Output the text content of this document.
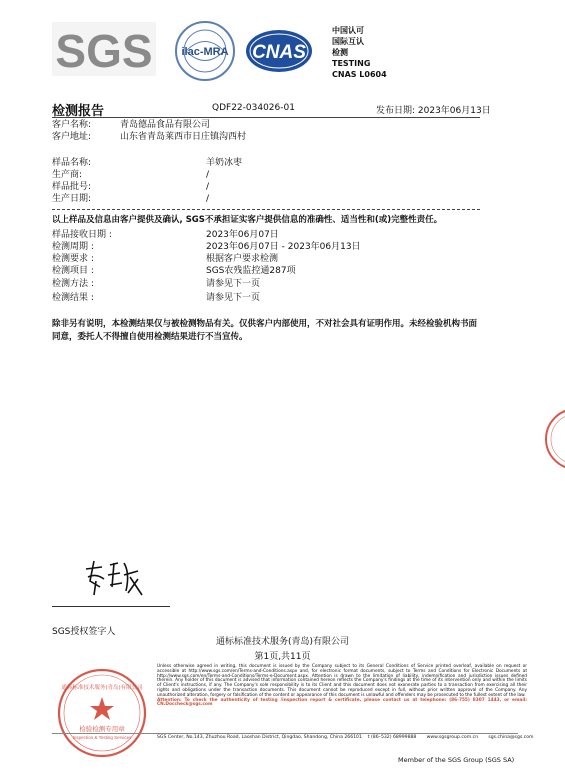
SGS	ilac-MRA CNAS
中国认可
国际互认
检测
TESTING
CNAS L0604
检测报告	QDF22-034026-01	发布日期: 2023年06月13日
客户名称:	青岛德品食品有限公司
客户地址:	山东省青岛莱西市日庄镇沟西村
样品名称:	羊奶冰枣
生产商:	/
样品批号:	/
生产日期:	/
以上样品及信息由客户提供及确认, SGS不承担证实客户提供信息的准确性、适当性和(或)完整性责任。
样品接收日期 :	2023年06月07日
检测周期 :	2023年06月07日 - 2023年06月13日
检测要求 :	根据客户要求检测
检测项目 :	SGS农残监控通287项
检测方法 :	请参见下一页
检测结果 :	请参见下一页
除非另有说明，本检测结果仅与被检测物品有关。仅供客户内部使用，不对社会具有证明作用。未经检验机构书面同意，委托人不得擅自使用检测结果进行不当宣传。
SGS授权签字人
通标标准技术服务(青岛)有限公司
第1页,共11页
通标标准技术服务(青岛)有限公司
检验检测专用章
Inspection & Testing Services
Unless otherwise agreed in writing, this document is issued by the Company subject to its General Conditions of Service printed overleaf, available on request or accessible at http://www.sgs.com/en/Terms-and-Conditions.aspx and, for electronic format documents, subject to Terms and Conditions for Electronic Documents at http://www.sgs.com/en/Terms-and-Conditions/Terms-e-Document.aspx. Attention is drawn to the limitation of liability, indemnification and jurisdiction issues defined therein. Any holder of this document is advised that information contained hereon reflects the Company's findings at the time of its intervention only and within the limits of Client's instructions, if any. The Company's sole responsibility is to its Client and this document does not exonerate parties to a transaction from exercising all their rights and obligations under the transaction documents. This document cannot be reproduced except in full, without prior written approval of the Company. Any unauthorized alteration, forgery or falsification of the content or appearance of this document is unlawful and offenders may be prosecuted to the fullest extent of the law.
Attention: To check the authenticity of testing /inspection report & certificate, please contact us at telephone: (86-755) 8307 1443, or email: CN.Doccheck@sgs.com
SGS Center, No.143, Zhuzhou Road, Laoshan District, Qingdao, Shandong, China 266101 t (86–532) 68999888 www.sgsgroup.com.cn sgs.china@sgs.com
Member of the SGS Group (SGS SA)
